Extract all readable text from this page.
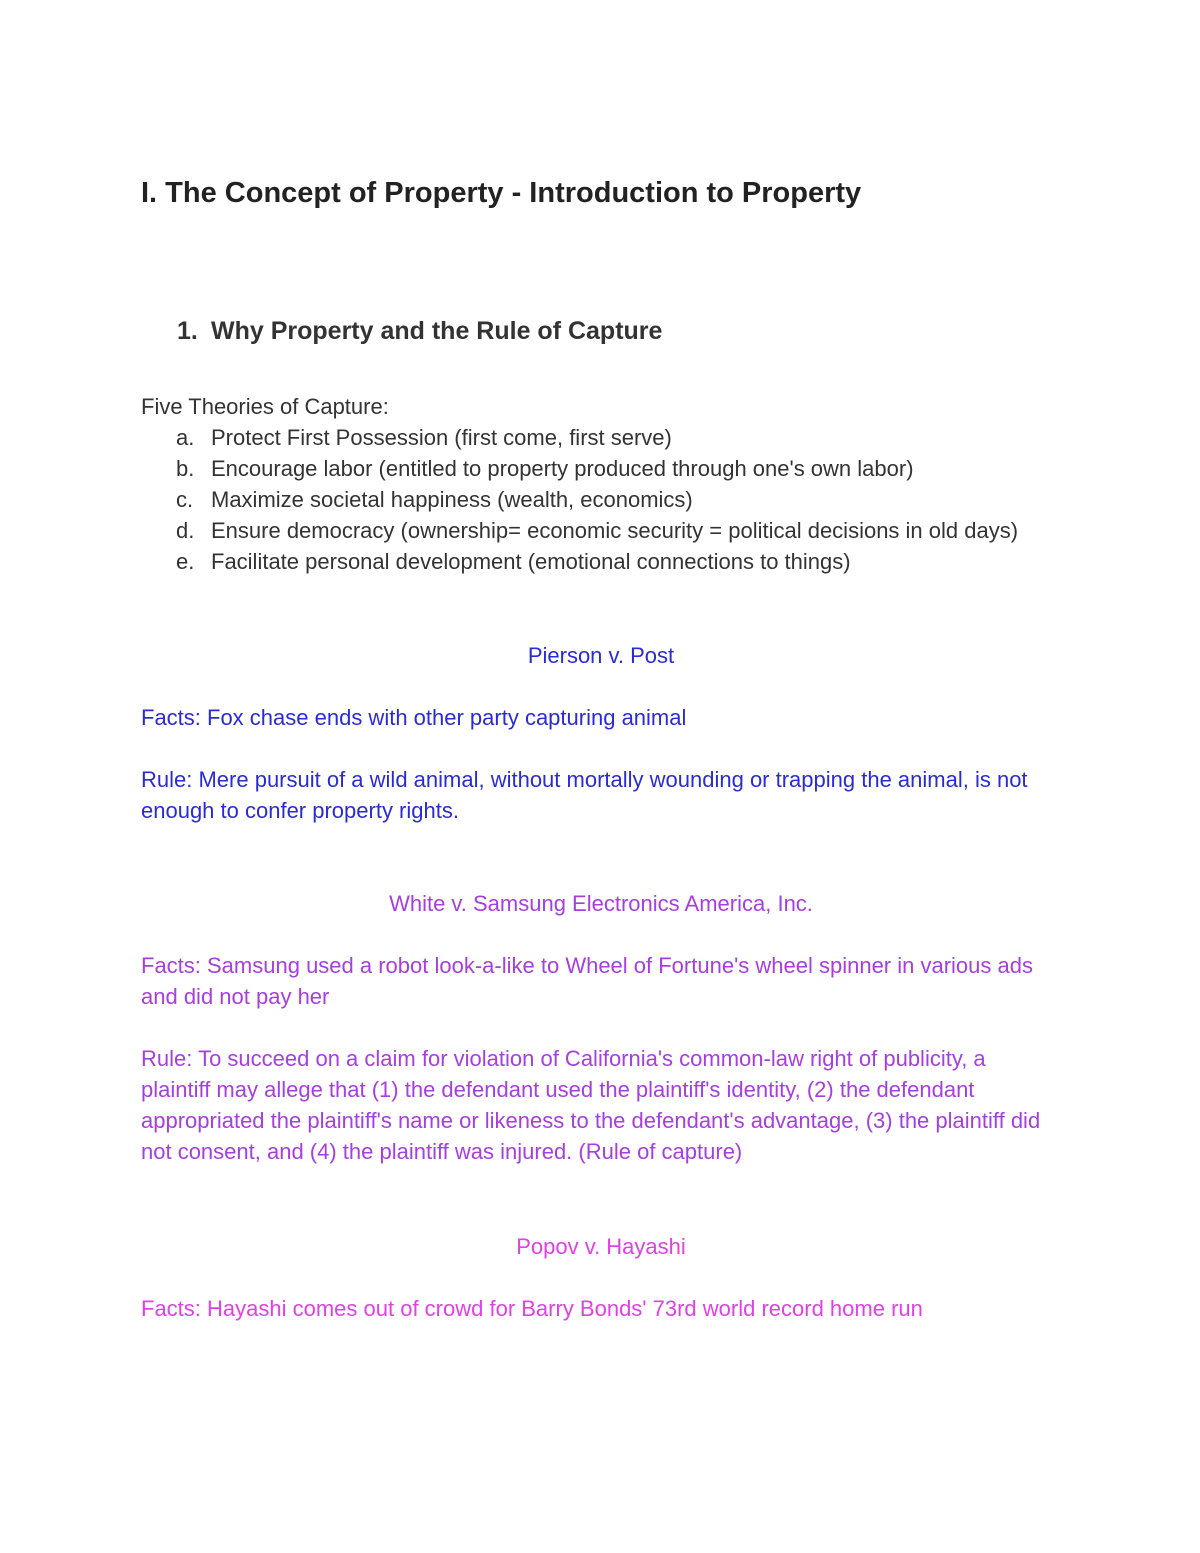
I. The Concept of Property - Introduction to Property
1. Why Property and the Rule of Capture
Five Theories of Capture:
a. Protect First Possession (first come, first serve)
b. Encourage labor (entitled to property produced through one's own labor)
c. Maximize societal happiness (wealth, economics)
d. Ensure democracy (ownership= economic security = political decisions in old days)
e. Facilitate personal development (emotional connections to things)
Pierson v. Post
Facts: Fox chase ends with other party capturing animal
Rule: Mere pursuit of a wild animal, without mortally wounding or trapping the animal, is not enough to confer property rights.
White v. Samsung Electronics America, Inc.
Facts: Samsung used a robot look-a-like to Wheel of Fortune's wheel spinner in various ads and did not pay her
Rule: To succeed on a claim for violation of California's common-law right of publicity, a plaintiff may allege that (1) the defendant used the plaintiff's identity, (2) the defendant appropriated the plaintiff's name or likeness to the defendant's advantage, (3) the plaintiff did not consent, and (4) the plaintiff was injured. (Rule of capture)
Popov v. Hayashi
Facts: Hayashi comes out of crowd for Barry Bonds' 73rd world record home run
